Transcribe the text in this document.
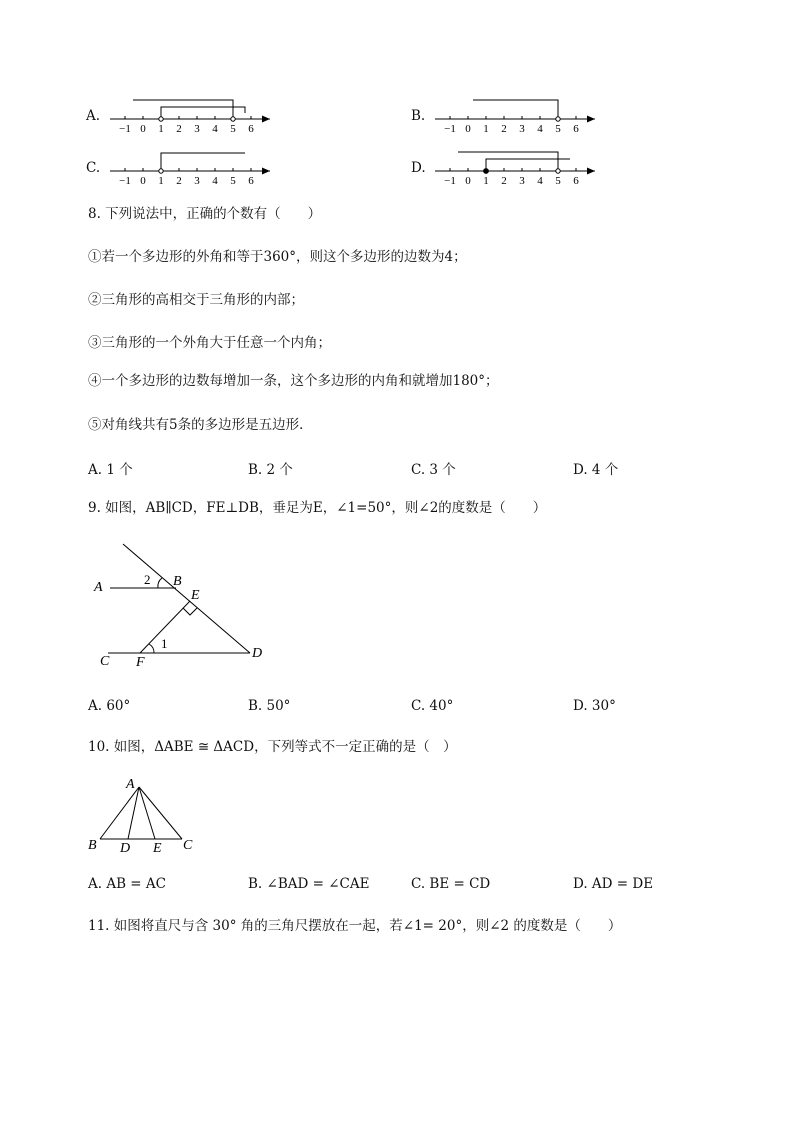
A.
−1 0 1 2 3 4 5 6
B.
−1 0 1 2 3 4 5 6
C.
−1 0 1 2 3 4 5 6
D.
−1 0 1 2 3 4 5 6
8. 下列说法中，正确的个数有（　　）
①若一个多边形的外角和等于360°，则这个多边形的边数为4；
②三角形的高相交于三角形的内部；
③三角形的一个外角大于任意一个内角；
④一个多边形的边数每增加一条，这个多边形的内角和就增加180°；
⑤对角线共有5条的多边形是五边形．
A. 1 个	B. 2 个	C. 3 个	D. 4 个
9. 如图，AB∥CD，FE⊥DB，垂足为E，∠1=50°，则∠2的度数是（　　）
A	B
E
C F
D
1
2
A. 60°	B. 50°	C. 40°	D. 30°
10. 如图，ΔABE ≅ ΔACD，下列等式不一定正确的是（　）
A
B D E C
A. AB = AC	B. ∠BAD = ∠CAE	C. BE = CD	D. AD = DE
11. 如图将直尺与含 30° 角的三角尺摆放在一起，若∠1= 20°，则∠2 的度数是（　　）
